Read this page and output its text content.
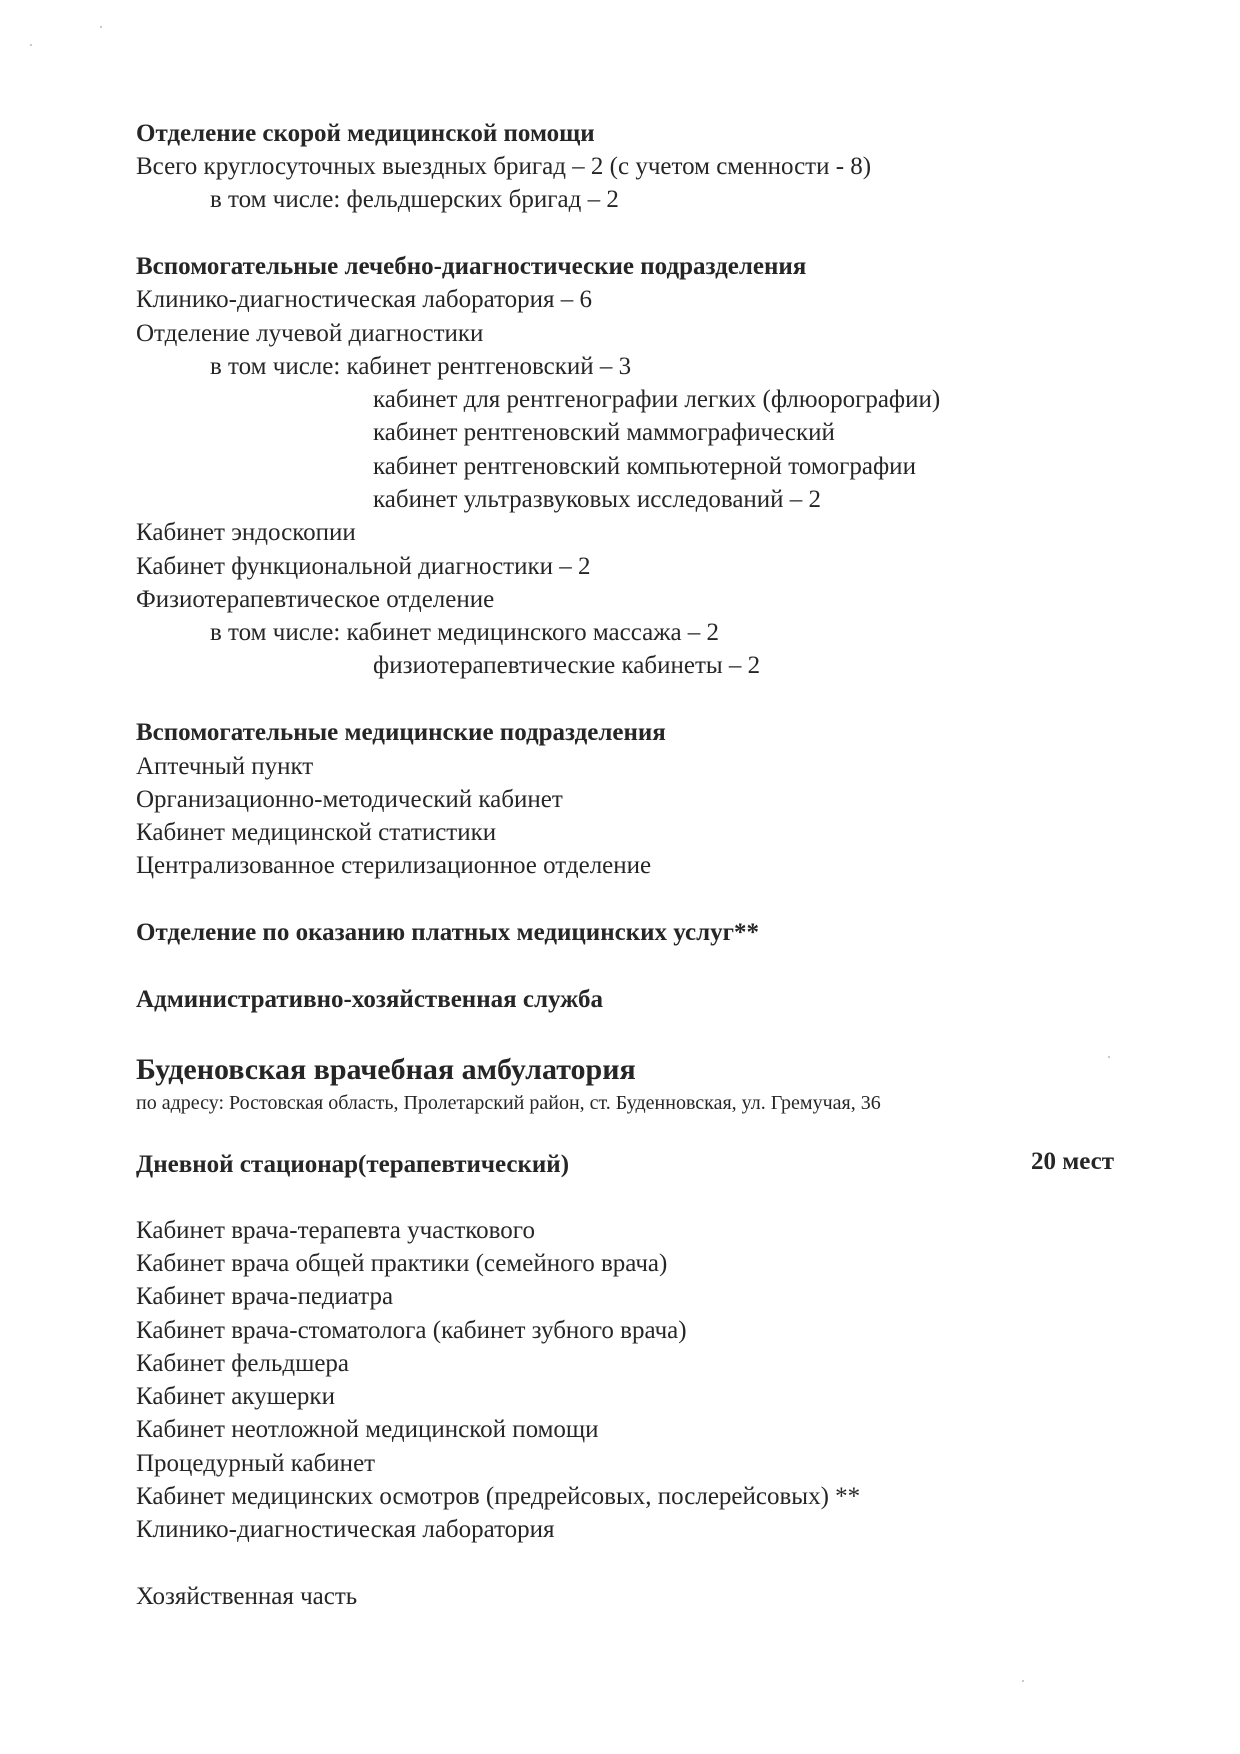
Отделение скорой медицинской помощи
Всего круглосуточных выездных бригад – 2 (с учетом сменности - 8)
в том числе: фельдшерских бригад – 2
Вспомогательные лечебно-диагностические подразделения
Клинико-диагностическая лаборатория – 6
Отделение лучевой диагностики
в том числе: кабинет рентгеновский – 3
кабинет для рентгенографии легких (флюорографии)
кабинет рентгеновский маммографический
кабинет рентгеновский компьютерной томографии
кабинет ультразвуковых исследований – 2
Кабинет эндоскопии
Кабинет функциональной диагностики – 2
Физиотерапевтическое отделение
в том числе: кабинет медицинского массажа – 2
физиотерапевтические кабинеты – 2
Вспомогательные медицинские подразделения
Аптечный пункт
Организационно-методический кабинет
Кабинет медицинской статистики
Централизованное стерилизационное отделение
Отделение по оказанию платных медицинских услуг**
Административно-хозяйственная служба
Буденовская врачебная амбулатория
по адресу: Ростовская область, Пролетарский район, ст. Буденновская, ул. Гремучая, 36
Дневной стационар(терапевтический)	20 мест
Кабинет врача-терапевта участкового
Кабинет врача общей практики (семейного врача)
Кабинет врача-педиатра
Кабинет врача-стоматолога (кабинет зубного врача)
Кабинет фельдшера
Кабинет акушерки
Кабинет неотложной медицинской помощи
Процедурный кабинет
Кабинет медицинских осмотров (предрейсовых, послерейсовых) **
Клинико-диагностическая лаборатория
Хозяйственная часть
